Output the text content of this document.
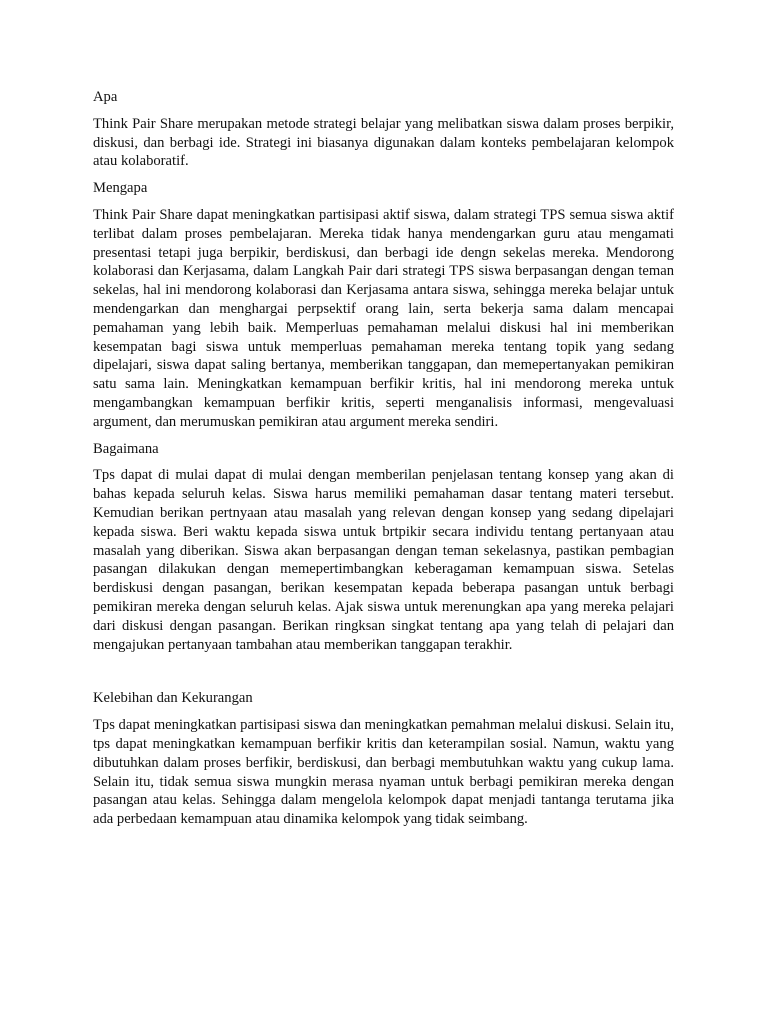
Apa
Think Pair Share merupakan metode strategi belajar yang melibatkan siswa dalam proses berpikir, diskusi, dan berbagi ide. Strategi ini biasanya digunakan dalam konteks pembelajaran kelompok atau kolaboratif.
Mengapa
Think Pair Share dapat meningkatkan partisipasi aktif siswa, dalam strategi TPS semua siswa aktif terlibat dalam proses pembelajaran. Mereka tidak hanya mendengarkan guru atau mengamati presentasi tetapi juga berpikir, berdiskusi, dan berbagi ide dengn sekelas mereka. Mendorong kolaborasi dan Kerjasama, dalam Langkah Pair dari strategi TPS siswa berpasangan dengan teman sekelas, hal ini mendorong kolaborasi dan Kerjasama antara siswa, sehingga mereka belajar untuk mendengarkan dan menghargai perpsektif orang lain, serta bekerja sama dalam mencapai pemahaman yang lebih baik. Memperluas pemahaman melalui diskusi hal ini memberikan kesempatan bagi siswa untuk memperluas pemahaman mereka tentang topik yang sedang dipelajari, siswa dapat saling bertanya, memberikan tanggapan, dan memepertanyakan pemikiran satu sama lain. Meningkatkan kemampuan berfikir kritis, hal ini mendorong mereka untuk mengambangkan kemampuan berfikir kritis, seperti menganalisis informasi, mengevaluasi argument, dan merumuskan pemikiran atau argument mereka sendiri.
Bagaimana
Tps dapat di mulai dapat di mulai dengan memberilan penjelasan tentang konsep yang akan di bahas kepada seluruh kelas. Siswa harus memiliki pemahaman dasar tentang materi tersebut. Kemudian berikan pertnyaan atau masalah yang relevan dengan konsep yang sedang dipelajari kepada siswa. Beri waktu kepada siswa untuk brtpikir secara individu tentang pertanyaan atau masalah yang diberikan. Siswa akan berpasangan dengan teman sekelasnya, pastikan pembagian pasangan dilakukan dengan memepertimbangkan keberagaman kemampuan siswa. Setelas berdiskusi dengan pasangan, berikan kesempatan kepada beberapa pasangan untuk berbagi pemikiran mereka dengan seluruh kelas. Ajak siswa untuk merenungkan apa yang mereka pelajari dari diskusi dengan pasangan. Berikan ringksan singkat tentang apa yang telah di pelajari dan mengajukan pertanyaan tambahan atau memberikan tanggapan terakhir.
Kelebihan dan Kekurangan
Tps dapat meningkatkan partisipasi siswa dan meningkatkan pemahman melalui diskusi. Selain itu, tps dapat meningkatkan kemampuan berfikir kritis dan keterampilan sosial. Namun, waktu yang dibutuhkan dalam proses berfikir, berdiskusi, dan berbagi membutuhkan waktu yang cukup lama. Selain itu, tidak semua siswa mungkin merasa nyaman untuk berbagi pemikiran mereka dengan pasangan atau kelas. Sehingga dalam mengelola kelompok dapat menjadi tantanga terutama jika ada perbedaan kemampuan atau dinamika kelompok yang tidak seimbang.
